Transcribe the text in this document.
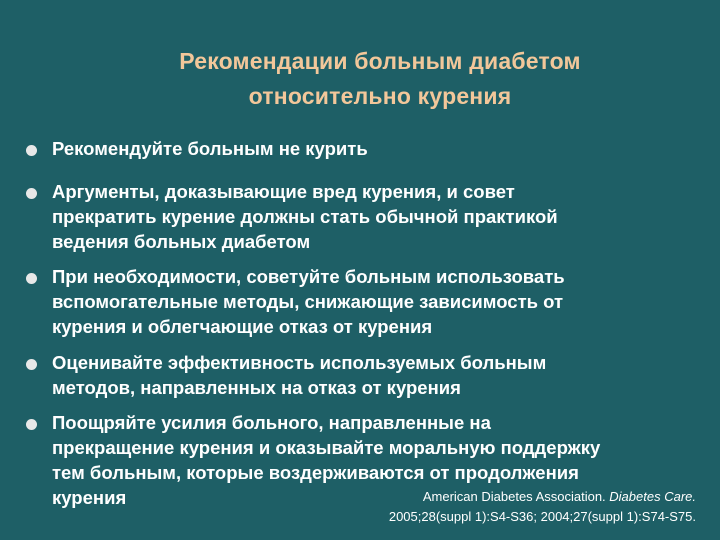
Рекомендации больным диабетом
относительно курения
Рекомендуйте больным не курить
Аргументы, доказывающие вред курения, и совет
прекратить курение должны стать обычной практикой
ведения больных диабетом
При необходимости, советуйте больным использовать
вспомогательные методы, снижающие зависимость от
курения и облегчающие отказ от курения
Оценивайте эффективность используемых больным
методов, направленных на отказ от курения
Поощряйте усилия больного, направленные на
прекращение курения и оказывайте моральную поддержку
тем больным, которые воздерживаются от продолжения
курения	American Diabetes Association. Diabetes Care.
2005;28(suppl 1):S4-S36; 2004;27(suppl 1):S74-S75.
